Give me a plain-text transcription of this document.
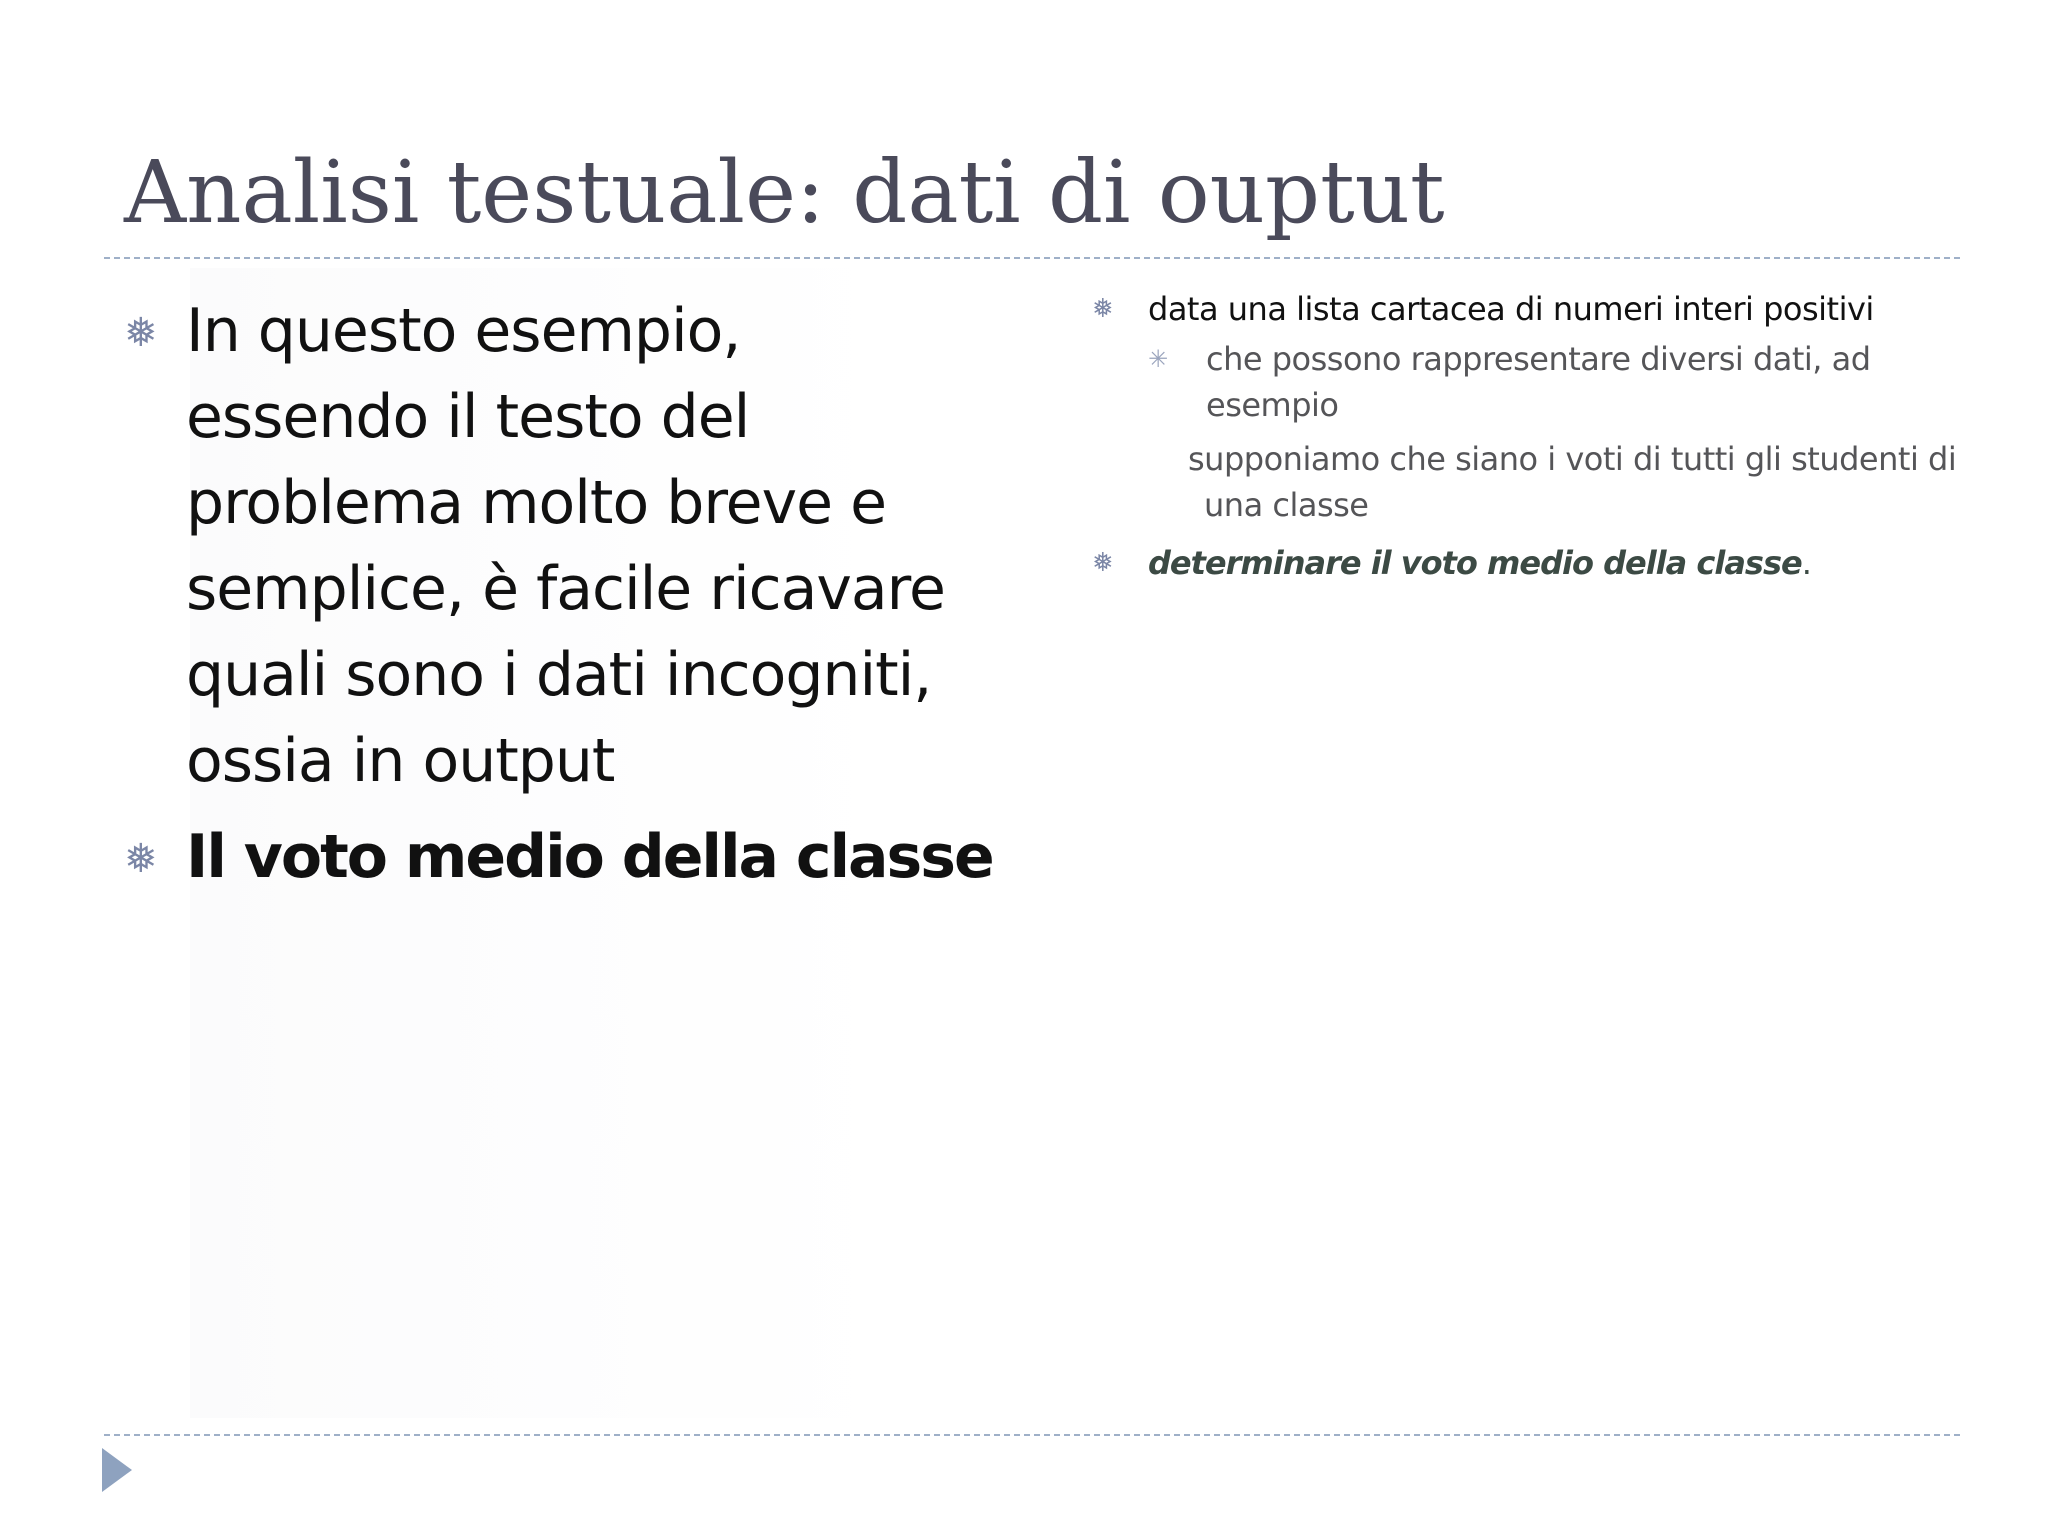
Analisi testuale: dati di ouptut
❅ In questo esempio,
essendo il testo del
problema molto breve e
semplice, è facile ricavare
quali sono i dati incogniti,
ossia in output
❅ Il voto medio della classe
❅ data una lista cartacea di numeri interi positivi
✳ che possono rappresentare diversi dati, ad esempio
supponiamo che siano i voti di tutti gli studenti di una classe
❅ determinare il voto medio della classe.
